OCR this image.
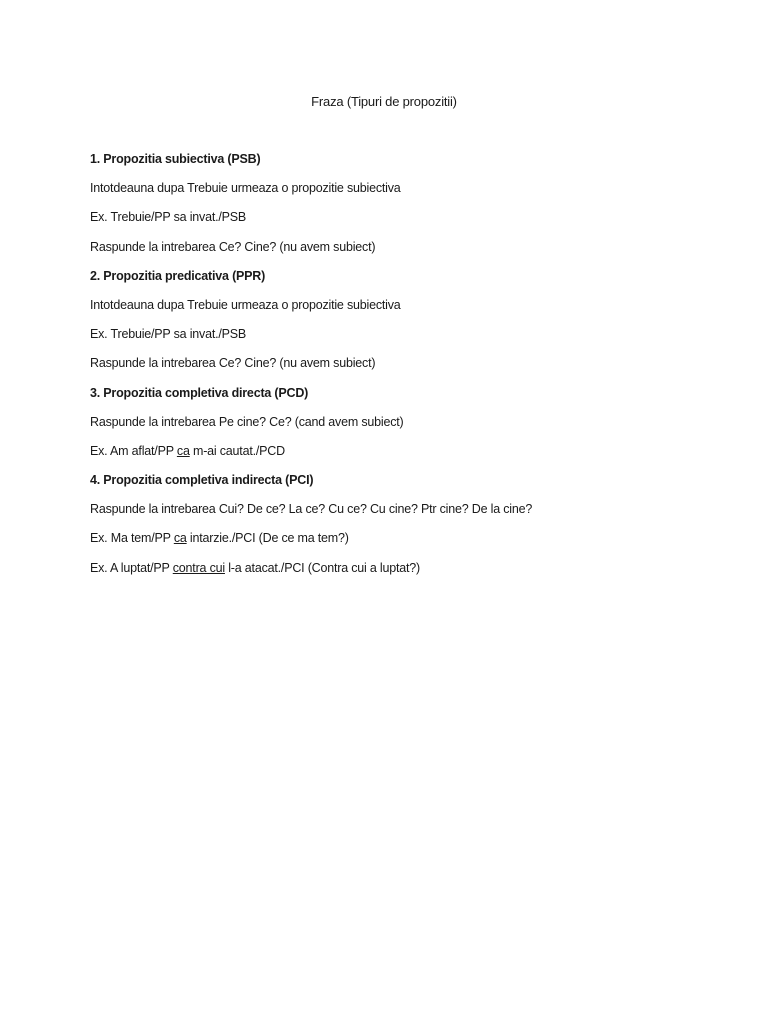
Fraza (Tipuri de propozitii)
1. Propozitia subiectiva (PSB)
Intotdeauna dupa Trebuie urmeaza o propozitie subiectiva
Ex. Trebuie/PP sa invat./PSB
Raspunde la intrebarea Ce? Cine? (nu avem subiect)
2. Propozitia predicativa (PPR)
Intotdeauna dupa Trebuie urmeaza o propozitie subiectiva
Ex. Trebuie/PP sa invat./PSB
Raspunde la intrebarea Ce? Cine? (nu avem subiect)
3. Propozitia completiva directa (PCD)
Raspunde la intrebarea Pe cine? Ce? (cand avem subiect)
Ex. Am aflat/PP ca m-ai cautat./PCD
4. Propozitia completiva indirecta (PCI)
Raspunde la intrebarea Cui? De ce? La ce? Cu ce? Cu cine? Ptr cine? De la cine?
Ex. Ma tem/PP ca intarzie./PCI (De ce ma tem?)
Ex. A luptat/PP contra cui l-a atacat./PCI (Contra cui a luptat?)
